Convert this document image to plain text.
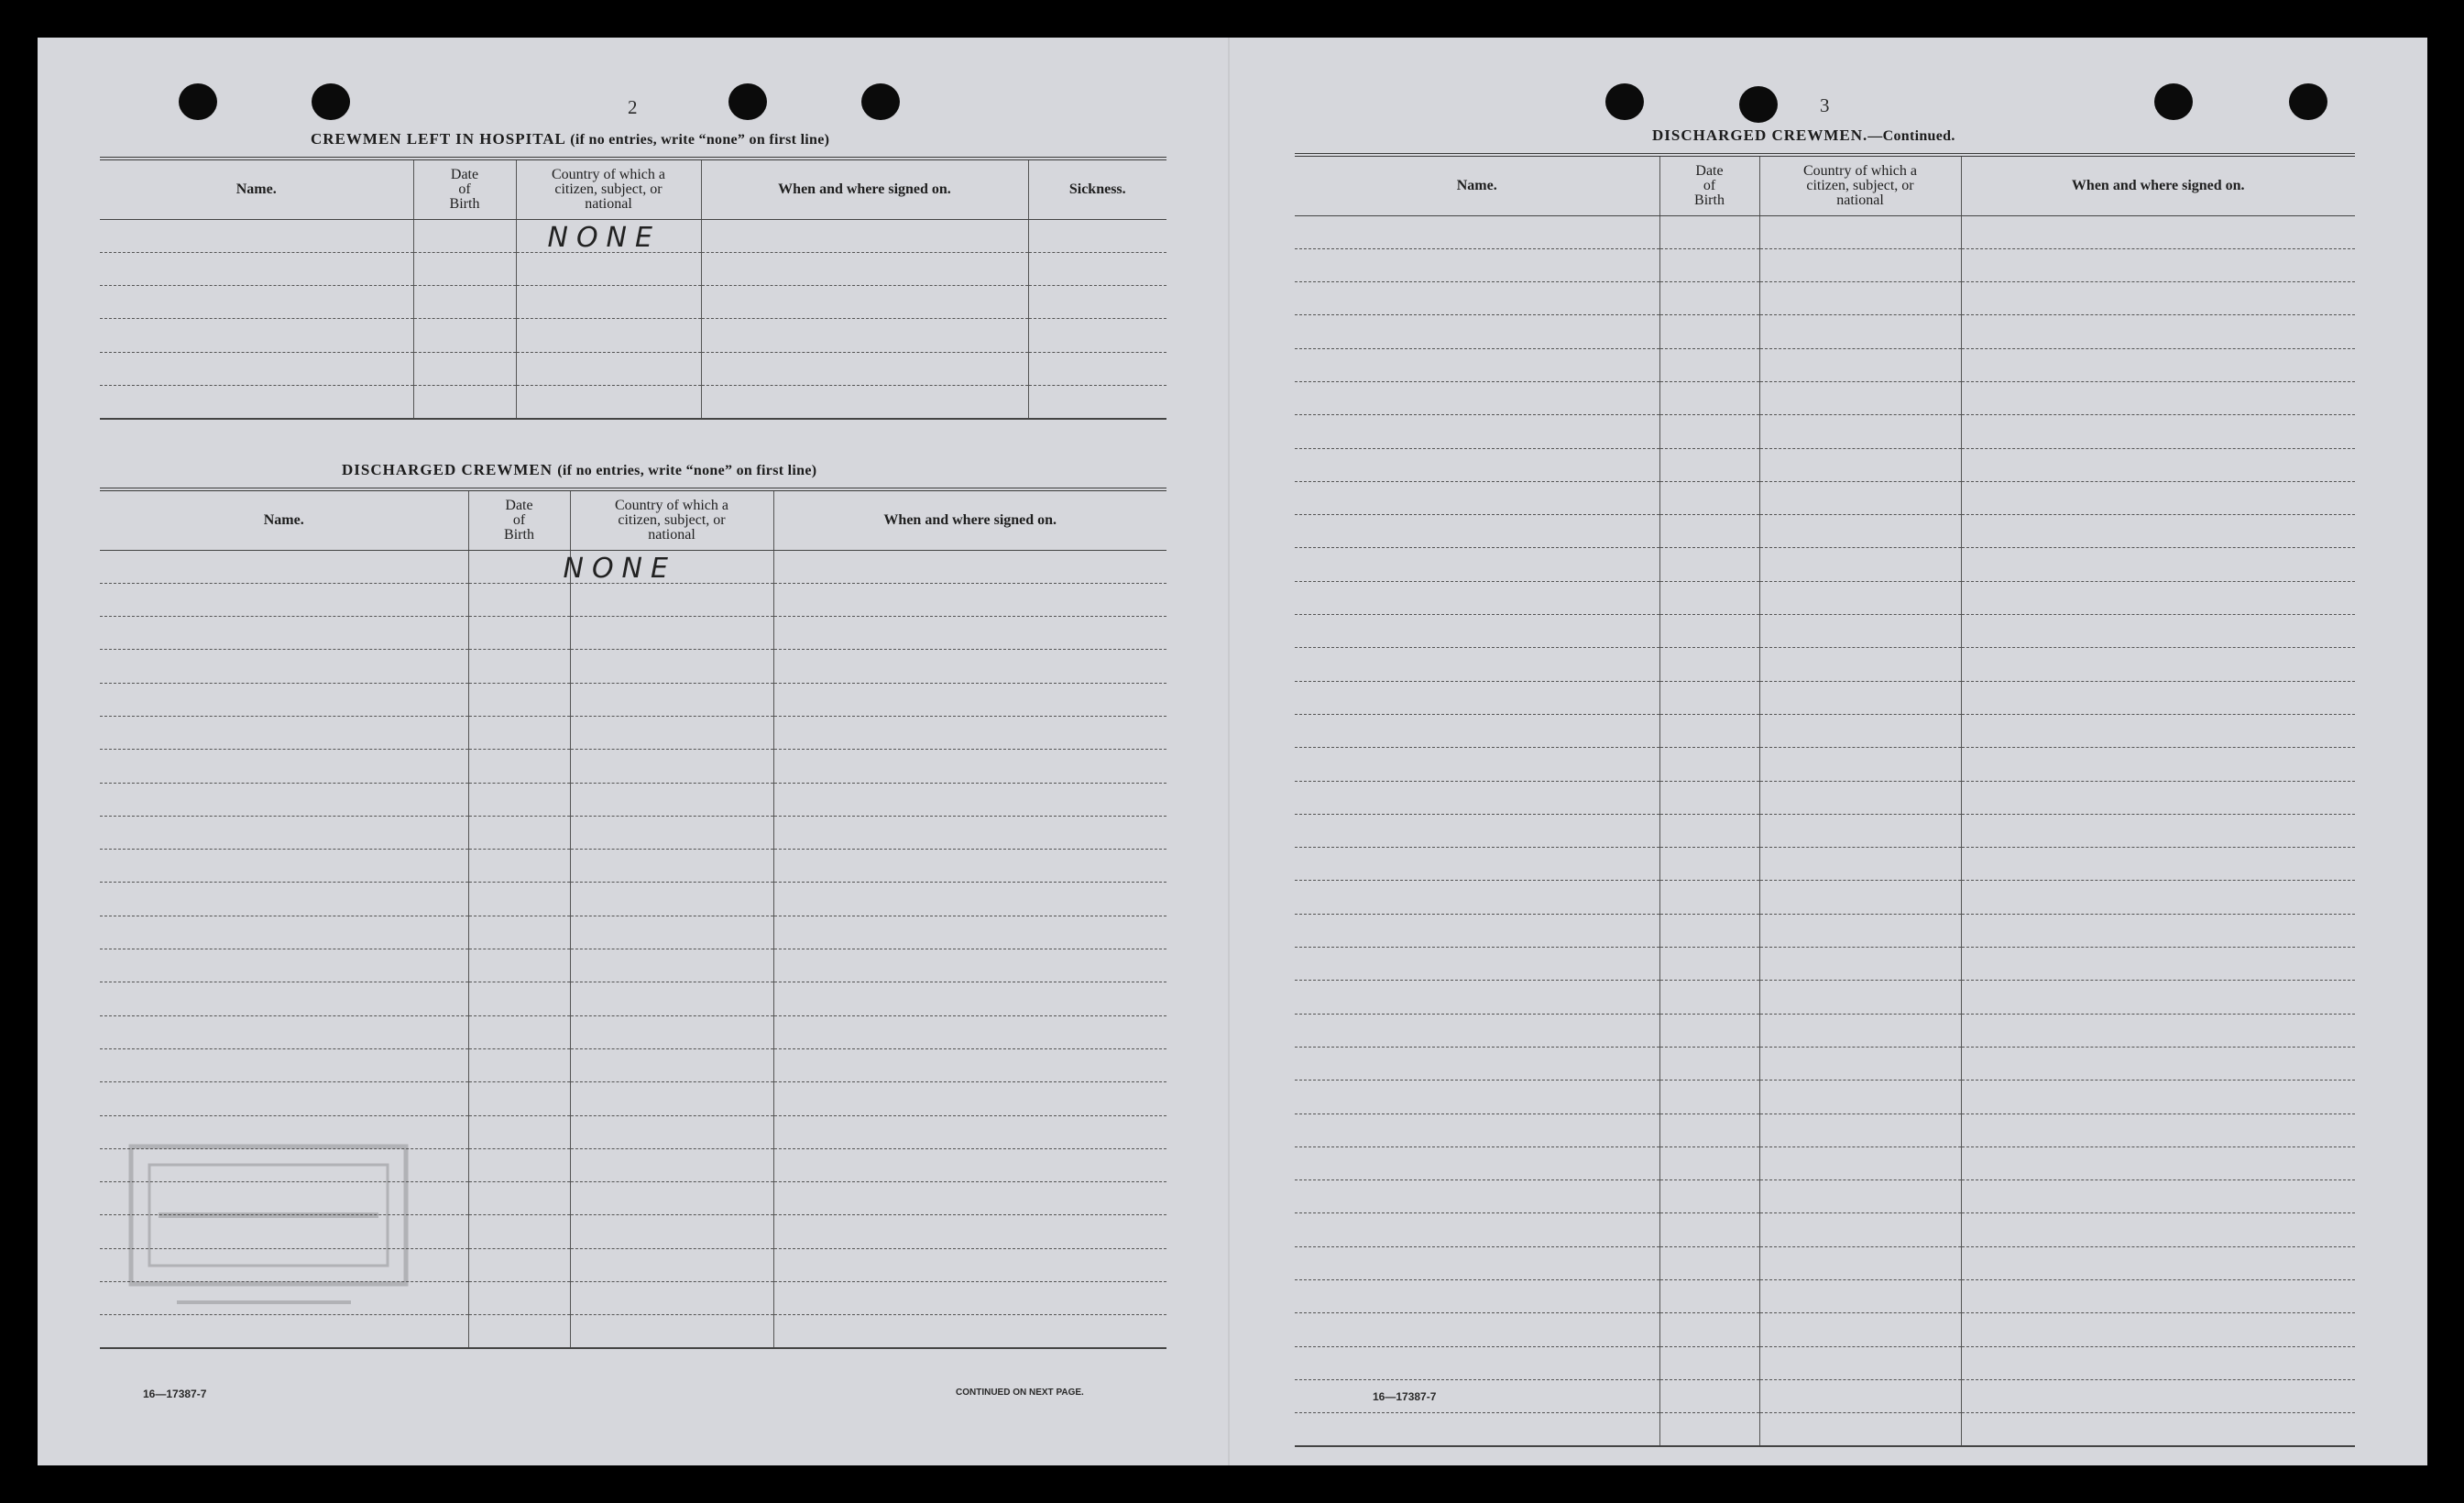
2
CREWMEN LEFT IN HOSPITAL (if no entries, write “none” on first line)
Name.	Date
of
Birth	Country of which a
citizen, subject, or
national	When and where signed on.	Sickness.

		NONE		

DISCHARGED CREWMEN (if no entries, write “none” on first line)
Name.	Date
of
Birth	Country of which a
citizen, subject, or
national	When and where signed on.

		NONE	

16—17387-7	CONTINUED ON NEXT PAGE.
3
DISCHARGED CREWMEN.—Continued.
Name.	Date
of
Birth	Country of which a
citizen, subject, or
national	When and where signed on.

16—17387-7
